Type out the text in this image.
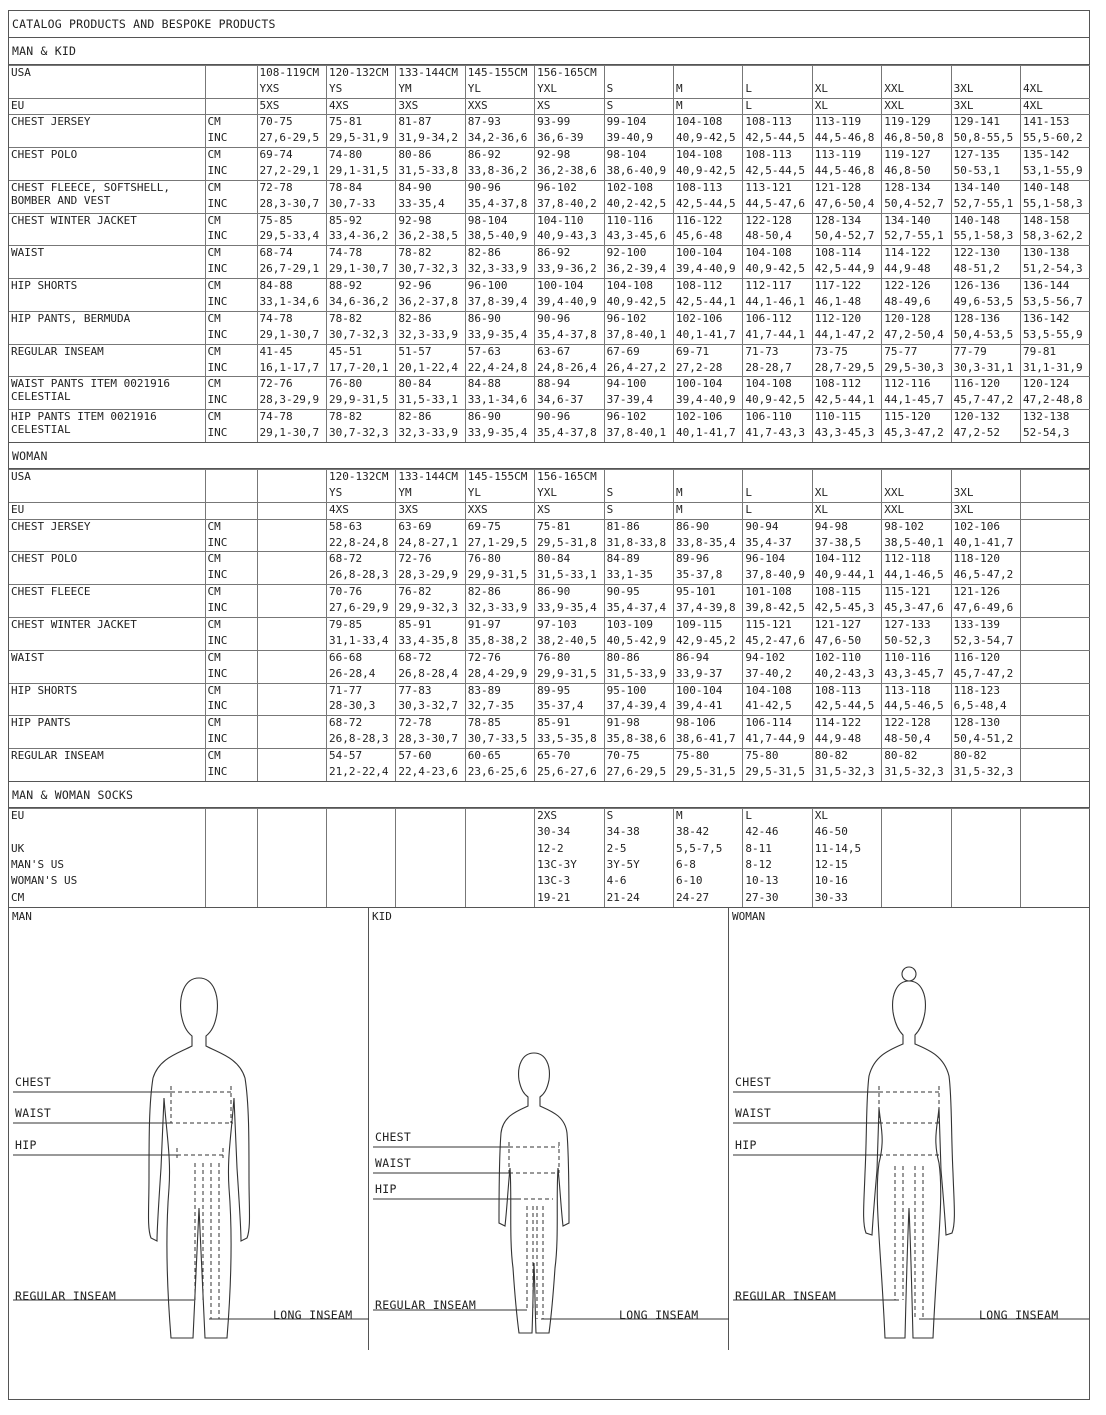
CATALOG PRODUCTS AND BESPOKE PRODUCTS
MAN & KID
USA		108-119CM	120-132CM	133-144CM	145-155CM	156-165CM							
		YXS	YS	YM	YL	YXL	S	M	L	XL	XXL	3XL	4XL
EU		5XS	4XS	3XS	XXS	XS	S	M	L	XL	XXL	3XL	4XL
CHEST JERSEY	CM	70-75	75-81	81-87	87-93	93-99	99-104	104-108	108-113	113-119	119-129	129-141	141-153
	INC	27,6-29,5	29,5-31,9	31,9-34,2	34,2-36,6	36,6-39	39-40,9	40,9-42,5	42,5-44,5	44,5-46,8	46,8-50,8	50,8-55,5	55,5-60,2
CHEST POLO	CM	69-74	74-80	80-86	86-92	92-98	98-104	104-108	108-113	113-119	119-127	127-135	135-142
	INC	27,2-29,1	29,1-31,5	31,5-33,8	33,8-36,2	36,2-38,6	38,6-40,9	40,9-42,5	42,5-44,5	44,5-46,8	46,8-50	50-53,1	53,1-55,9
CHEST FLEECE, SOFTSHELL, BOMBER AND VEST	CM	72-78	78-84	84-90	90-96	96-102	102-108	108-113	113-121	121-128	128-134	134-140	140-148
	INC	28,3-30,7	30,7-33	33-35,4	35,4-37,8	37,8-40,2	40,2-42,5	42,5-44,5	44,5-47,6	47,6-50,4	50,4-52,7	52,7-55,1	55,1-58,3
CHEST WINTER JACKET	CM	75-85	85-92	92-98	98-104	104-110	110-116	116-122	122-128	128-134	134-140	140-148	148-158
	INC	29,5-33,4	33,4-36,2	36,2-38,5	38,5-40,9	40,9-43,3	43,3-45,6	45,6-48	48-50,4	50,4-52,7	52,7-55,1	55,1-58,3	58,3-62,2
WAIST	CM	68-74	74-78	78-82	82-86	86-92	92-100	100-104	104-108	108-114	114-122	122-130	130-138
	INC	26,7-29,1	29,1-30,7	30,7-32,3	32,3-33,9	33,9-36,2	36,2-39,4	39,4-40,9	40,9-42,5	42,5-44,9	44,9-48	48-51,2	51,2-54,3
HIP SHORTS	CM	84-88	88-92	92-96	96-100	100-104	104-108	108-112	112-117	117-122	122-126	126-136	136-144
	INC	33,1-34,6	34,6-36,2	36,2-37,8	37,8-39,4	39,4-40,9	40,9-42,5	42,5-44,1	44,1-46,1	46,1-48	48-49,6	49,6-53,5	53,5-56,7
HIP PANTS, BERMUDA	CM	74-78	78-82	82-86	86-90	90-96	96-102	102-106	106-112	112-120	120-128	128-136	136-142
	INC	29,1-30,7	30,7-32,3	32,3-33,9	33,9-35,4	35,4-37,8	37,8-40,1	40,1-41,7	41,7-44,1	44,1-47,2	47,2-50,4	50,4-53,5	53,5-55,9
REGULAR INSEAM	CM	41-45	45-51	51-57	57-63	63-67	67-69	69-71	71-73	73-75	75-77	77-79	79-81
	INC	16,1-17,7	17,7-20,1	20,1-22,4	22,4-24,8	24,8-26,4	26,4-27,2	27,2-28	28-28,7	28,7-29,5	29,5-30,3	30,3-31,1	31,1-31,9
WAIST PANTS ITEM 0021916 CELESTIAL	CM	72-76	76-80	80-84	84-88	88-94	94-100	100-104	104-108	108-112	112-116	116-120	120-124
	INC	28,3-29,9	29,9-31,5	31,5-33,1	33,1-34,6	34,6-37	37-39,4	39,4-40,9	40,9-42,5	42,5-44,1	44,1-45,7	45,7-47,2	47,2-48,8
HIP PANTS ITEM 0021916 CELESTIAL	CM	74-78	78-82	82-86	86-90	90-96	96-102	102-106	106-110	110-115	115-120	120-132	132-138
	INC	29,1-30,7	30,7-32,3	32,3-33,9	33,9-35,4	35,4-37,8	37,8-40,1	40,1-41,7	41,7-43,3	43,3-45,3	45,3-47,2	47,2-52	52-54,3
WOMAN
USA			120-132CM	133-144CM	145-155CM	156-165CM							
			YS	YM	YL	YXL	S	M	L	XL	XXL	3XL	
EU			4XS	3XS	XXS	XS	S	M	L	XL	XXL	3XL	
CHEST JERSEY	CM		58-63	63-69	69-75	75-81	81-86	86-90	90-94	94-98	98-102	102-106	
	INC		22,8-24,8	24,8-27,1	27,1-29,5	29,5-31,8	31,8-33,8	33,8-35,4	35,4-37	37-38,5	38,5-40,1	40,1-41,7	
CHEST POLO	CM		68-72	72-76	76-80	80-84	84-89	89-96	96-104	104-112	112-118	118-120	
	INC		26,8-28,3	28,3-29,9	29,9-31,5	31,5-33,1	33,1-35	35-37,8	37,8-40,9	40,9-44,1	44,1-46,5	46,5-47,2	
CHEST FLEECE	CM		70-76	76-82	82-86	86-90	90-95	95-101	101-108	108-115	115-121	121-126	
	INC		27,6-29,9	29,9-32,3	32,3-33,9	33,9-35,4	35,4-37,4	37,4-39,8	39,8-42,5	42,5-45,3	45,3-47,6	47,6-49,6	
CHEST WINTER JACKET	CM		79-85	85-91	91-97	97-103	103-109	109-115	115-121	121-127	127-133	133-139	
	INC		31,1-33,4	33,4-35,8	35,8-38,2	38,2-40,5	40,5-42,9	42,9-45,2	45,2-47,6	47,6-50	50-52,3	52,3-54,7	
WAIST	CM		66-68	68-72	72-76	76-80	80-86	86-94	94-102	102-110	110-116	116-120	
	INC		26-28,4	26,8-28,4	28,4-29,9	29,9-31,5	31,5-33,9	33,9-37	37-40,2	40,2-43,3	43,3-45,7	45,7-47,2	
HIP SHORTS	CM		71-77	77-83	83-89	89-95	95-100	100-104	104-108	108-113	113-118	118-123	
	INC		28-30,3	30,3-32,7	32,7-35	35-37,4	37,4-39,4	39,4-41	41-42,5	42,5-44,5	44,5-46,5	6,5-48,4	
HIP PANTS	CM		68-72	72-78	78-85	85-91	91-98	98-106	106-114	114-122	122-128	128-130	
	INC		26,8-28,3	28,3-30,7	30,7-33,5	33,5-35,8	35,8-38,6	38,6-41,7	41,7-44,9	44,9-48	48-50,4	50,4-51,2	
REGULAR INSEAM	CM		54-57	57-60	60-65	65-70	70-75	75-80	75-80	80-82	80-82	80-82	
	INC		21,2-22,4	22,4-23,6	23,6-25,6	25,6-27,6	27,6-29,5	29,5-31,5	29,5-31,5	31,5-32,3	31,5-32,3	31,5-32,3	
MAN & WOMAN SOCKS
EU						2XS	S	M	L	XL			
						30-34	34-38	38-42	42-46	46-50			
UK						12-2	2-5	5,5-7,5	8-11	11-14,5			
MAN'S US						13C-3Y	3Y-5Y	6-8	8-12	12-15			
WOMAN'S US						13C-3	4-6	6-10	10-13	10-16			
CM						19-21	21-24	24-27	27-30	30-33			
MAN
CHEST
WAIST
HIP
REGULAR INSEAM
LONG INSEAM
KID
CHEST
WAIST
HIP
REGULAR INSEAM
LONG INSEAM
WOMAN
CHEST
WAIST
HIP
REGULAR INSEAM
LONG INSEAM
